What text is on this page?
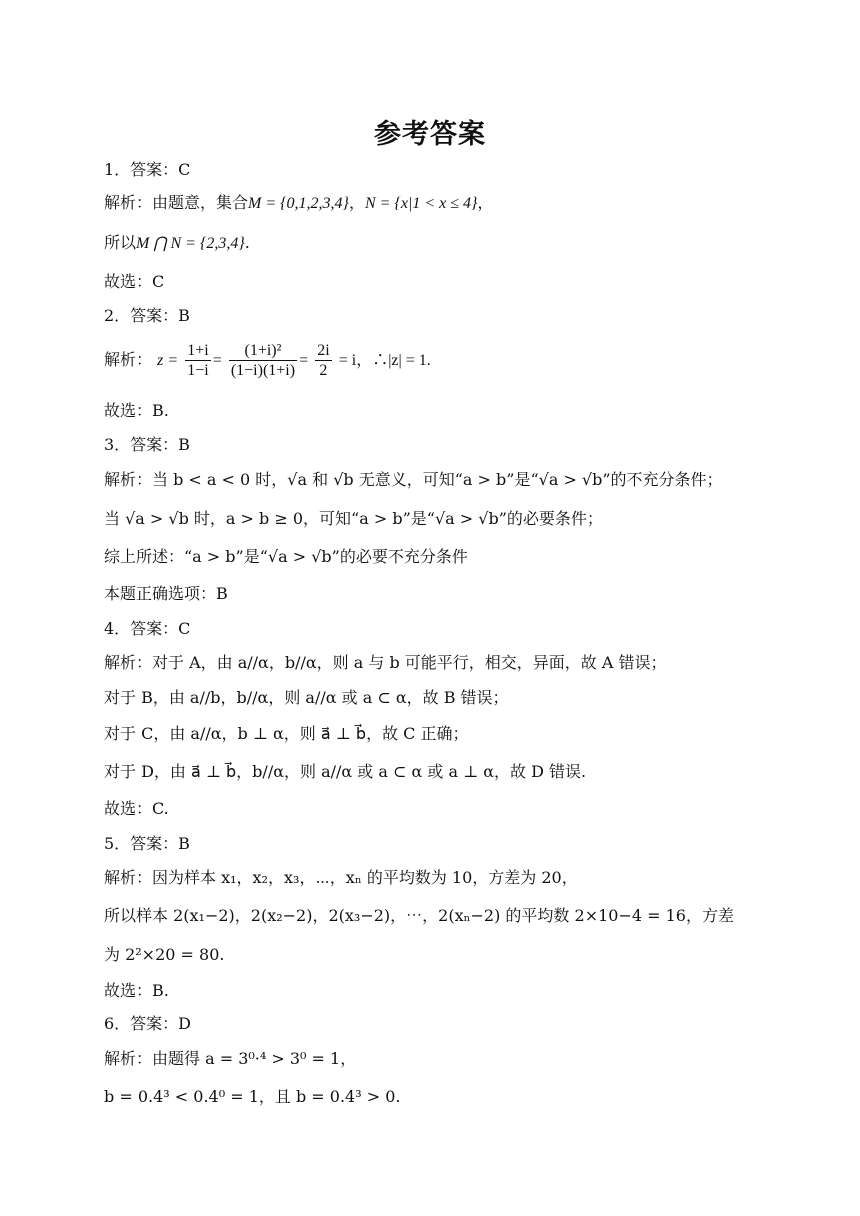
参考答案
1．答案：C
解析：由题意，集合M = {0,1,2,3,4}，N = {x|1 < x ≤ 4}，
所以M ⋂ N = {2,3,4}.
故选：C
2．答案：B
解析： $z = \frac{1+i}{1-i} = \frac{\text{(1+i)²}}{(1-i)(1+i)} = \frac{2i}{2} = i$，∴|z| = 1.
故选：B.
3．答案：B
解析：当 b < a < 0 时，√a 和 √b 无意义，可知“a > b”是“√a > √b”的不充分条件；
当 √a > √b 时，a > b ≥ 0，可知“a > b”是“√a > √b”的必要条件；
综上所述：“a > b”是“√a > √b”的必要不充分条件
本题正确选项：B
4．答案：C
解析：对于 A，由 a//α，b//α，则 a 与 b 可能平行，相交，异面，故 A 错误；
对于 B，由 a//b，b//α，则 a//α 或 a ⊂ α，故 B 错误；
对于 C，由 a//α，b ⊥ α，则 a⃗ ⊥ b⃗，故 C 正确；
对于 D，由 a⃗ ⊥ b⃗，b//α，则 a//α 或 a ⊂ α 或 a ⊥ α，故 D 错误.
故选：C.
5．答案：B
解析：因为样本 x₁，x₂，x₃，⋯，xₙ 的平均数为 10，方差为 20，
所以样本 2(x₁−2)，2(x₂−2)，2(x₃−2)，⋯，2(xₙ−2) 的平均数 2×10−4 = 16，方差
为 2²×20 = 80.
故选：B.
6．答案：D
解析：由题得 a = 3⁰·⁴ > 3⁰ = 1，
b = 0.4³ < 0.4⁰ = 1，且 b = 0.4³ > 0.
